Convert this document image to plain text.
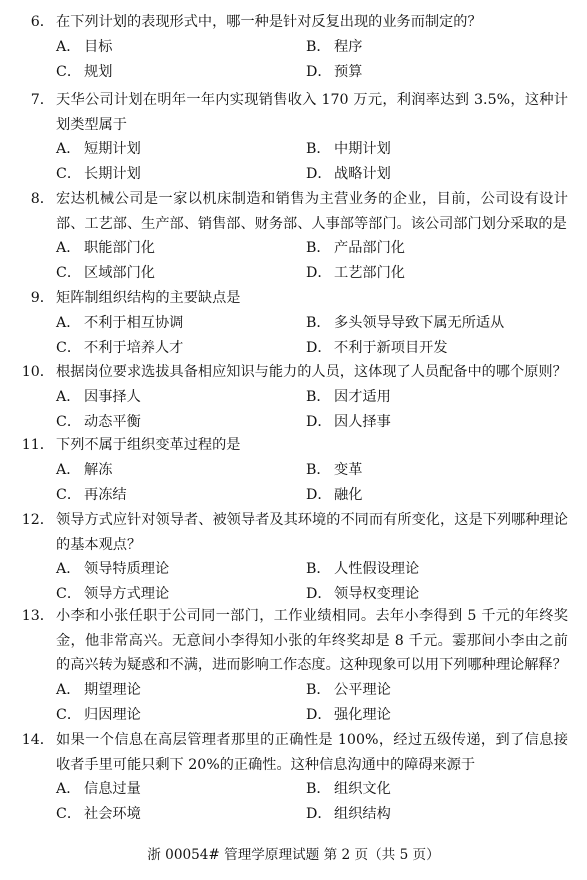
6． 在下列计划的表现形式中，哪一种是针对反复出现的业务而制定的？
A． 目标	B． 程序
C． 规划	D． 预算
7． 天华公司计划在明年一年内实现销售收入 170 万元，利润率达到 3.5%，这种计划类型属于
A． 短期计划	B． 中期计划
C． 长期计划	D． 战略计划
8． 宏达机械公司是一家以机床制造和销售为主营业务的企业，目前，公司设有设计部、工艺部、生产部、销售部、财务部、人事部等部门。该公司部门划分采取的是
A． 职能部门化	B． 产品部门化
C． 区域部门化	D． 工艺部门化
9． 矩阵制组织结构的主要缺点是
A． 不利于相互协调	B． 多头领导导致下属无所适从
C． 不利于培养人才	D． 不利于新项目开发
10． 根据岗位要求选拔具备相应知识与能力的人员，这体现了人员配备中的哪个原则？
A． 因事择人	B． 因才适用
C． 动态平衡	D． 因人择事
11． 下列不属于组织变革过程的是
A． 解冻	B． 变革
C． 再冻结	D． 融化
12． 领导方式应针对领导者、被领导者及其环境的不同而有所变化，这是下列哪种理论的基本观点？
A． 领导特质理论	B． 人性假设理论
C． 领导方式理论	D． 领导权变理论
13． 小李和小张任职于公司同一部门，工作业绩相同。去年小李得到 5 千元的年终奖金，他非常高兴。无意间小李得知小张的年终奖却是 8 千元。霎那间小李由之前的高兴转为疑惑和不满，进而影响工作态度。这种现象可以用下列哪种理论解释？
A． 期望理论	B． 公平理论
C． 归因理论	D． 强化理论
14． 如果一个信息在高层管理者那里的正确性是 100%，经过五级传递，到了信息接收者手里可能只剩下 20%的正确性。这种信息沟通中的障碍来源于
A． 信息过量	B． 组织文化
C． 社会环境	D． 组织结构
浙 00054# 管理学原理试题 第 2 页（共 5 页）
